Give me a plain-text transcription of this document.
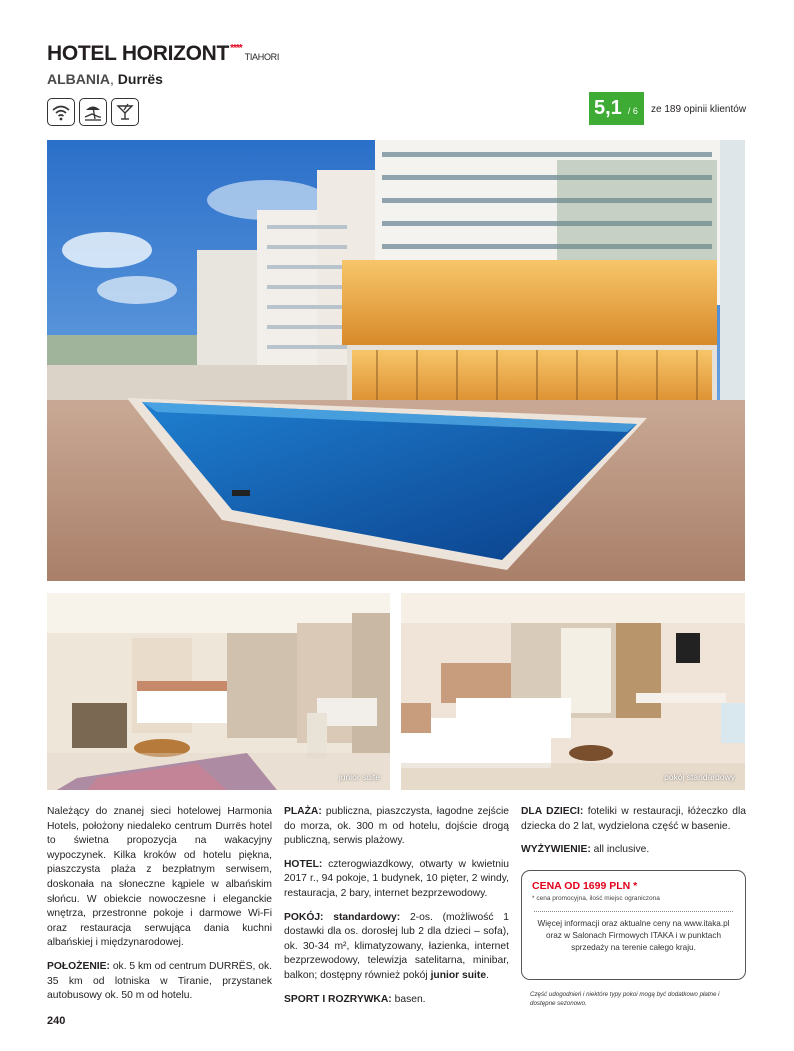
HOTEL HORIZONT****TIAHORI
ALBANIA, Durrës
5,1 / 6 ze 189 opinii klientów
junior suite	pokój standardowy

Należący do znanej sieci hotelowej Harmonia Hotels, położony niedaleko centrum Durrës hotel to świetna propozycja na wakacyjny wypoczynek. Kilka kroków od hotelu piękna, piaszczysta plaża z bezpłatnym serwisem, doskonała na słoneczne kąpiele w albańskim słońcu. W obiekcie nowoczesne i eleganckie wnętrza, przestronne pokoje i darmowe Wi-Fi oraz restauracja serwująca dania kuchni albańskiej i międzynarodowej.

POŁOŻENIE: ok. 5 km od centrum DURRËS, ok. 35 km od lotniska w Tiranie, przystanek autobusowy ok. 50 m od hotelu.

PLAŻA: publiczna, piaszczysta, łagodne zejście do morza, ok. 300 m od hotelu, dojście drogą publiczną, serwis plażowy.

HOTEL: czterogwiazdkowy, otwarty w kwietniu 2017 r., 94 pokoje, 1 budynek, 10 pięter, 2 windy, restauracja, 2 bary, internet bezprzewodowy.

POKÓJ: standardowy: 2-os. (możliwość 1 dostawki dla os. dorosłej lub 2 dla dzieci – sofa), ok. 30-34 m², klimatyzowany, łazienka, internet bezprzewodowy, telewizja satelitarna, minibar, balkon; dostępny również pokój junior suite.

SPORT I ROZRYWKA: basen.

DLA DZIECI: foteliki w restauracji, łóżeczko dla dziecka do 2 lat, wydzielona część w basenie.

WYŻYWIENIE: all inclusive.

CENA OD 1699 PLN *
* cena promocyjna, ilość miejsc ograniczona
Więcej informacji oraz aktualne ceny na www.itaka.pl oraz w Salonach Firmowych ITAKA i w punktach sprzedaży na terenie całego kraju.
Część udogodnień i niektóre typy pokoi mogą być dodatkowo płatne i dostępne sezonowo.
240
